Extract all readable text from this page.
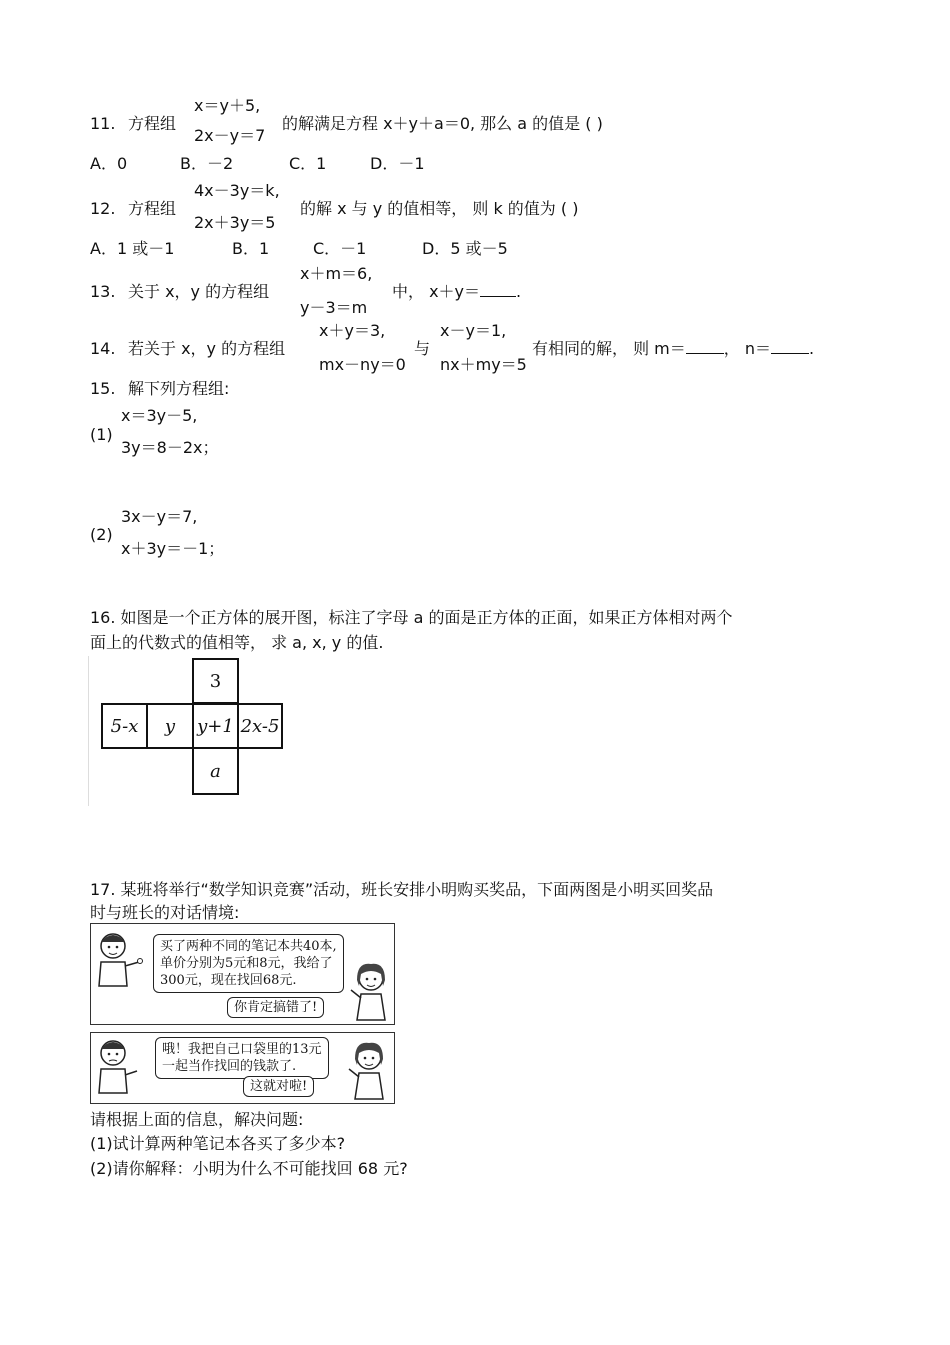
11. 方程组
x＝y＋5,
2x－y＝7
的解满足方程 x＋y＋a＝0, 那么 a 的值是 ( )
A．0	B．－2	C．1	D．－1
12. 方程组
4x－3y＝k,
2x＋3y＝5
的解 x 与 y 的值相等， 则 k 的值为 ( )
A．1 或－1	B．1	C．－1	D．5 或－5
13. 关于 x，y 的方程组
x＋m＝6,
y－3＝m
中， x＋y＝ .
14. 若关于 x，y 的方程组
x＋y＝3,
mx－ny＝0
与
x－y＝1,
nx＋my＝5
有相同的解， 则 m＝ ， n＝ .
15. 解下列方程组:
(1)
x＝3y－5,
3y＝8－2x；
(2)
3x－y＝7,
x＋3y＝－1；
16. 如图是一个正方体的展开图，标注了字母 a 的面是正方体的正面，如果正方体相对两个
面上的代数式的值相等， 求 a, x, y 的值.
3
5-x	y	y+1 2x-5
a
17. 某班将举行“数学知识竞赛”活动，班长安排小明购买奖品，下面两图是小明买回奖品
时与班长的对话情境:
买了两种不同的笔记本共40本,
单价分别为5元和8元，我给了
300元，现在找回68元.
你肯定搞错了!
哦！我把自己口袋里的13元
一起当作找回的钱款了.
这就对啦!
请根据上面的信息，解决问题:
(1)试计算两种笔记本各买了多少本?
(2)请你解释：小明为什么不可能找回 68 元?
